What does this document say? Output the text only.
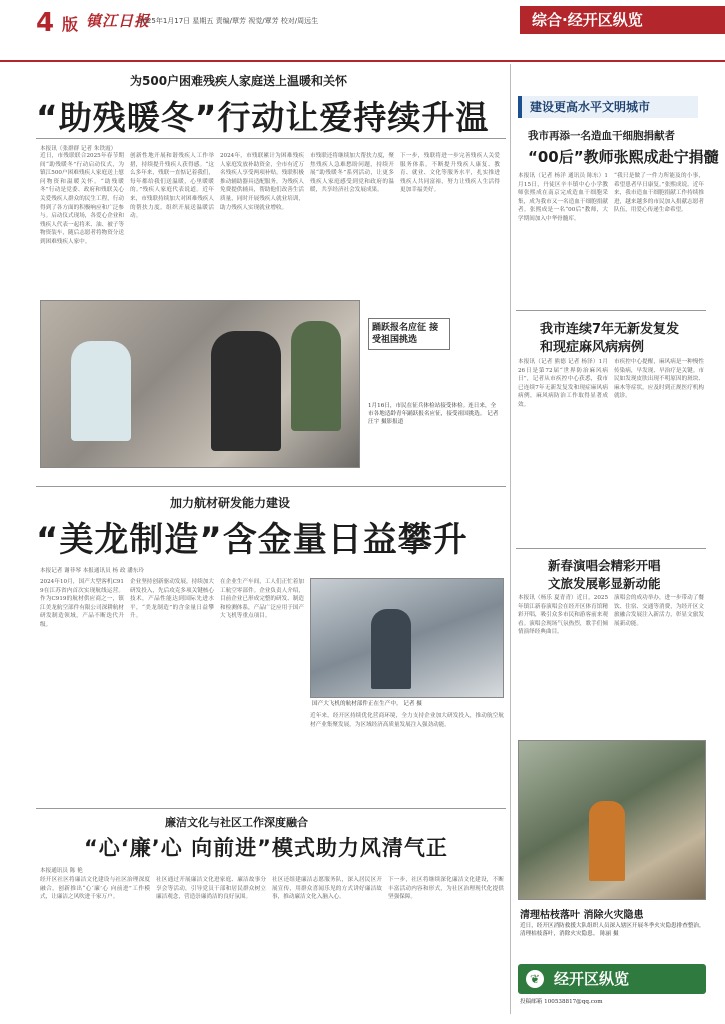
4 版 镇江日报
2025年1月17日 星期五 责编/覃芳 视觉/覃芳 校对/周远生	综合·经开区纵览
为500户困难残疾人家庭送上温暖和关怀
“助残暖冬”行动让爱持续升温
本报讯（张群群 记者 朱铁霞）
近日，市残联联合2025年春节期间“助残暖冬”行动启动仪式，为镇江500户困难残疾人家庭送上慰问物资和温暖关怀。“助残暖冬”行动是党委、政府和残联关心关爱残疾人群众的民生工程，行动得到了各方面的积极响应和广泛参与。启动仪式现场，各爱心企业和残疾人代表一起将米、油、被子等物资装车，随后志愿者将物资分送到困难残疾人家中。
创新性地开展和谐残疾人工作举措，持续提升残疾人获得感。“这么多年来，残联一直惦记着我们，每年都给我们送温暖，心里暖暖的。”残疾人家庭代表说道。近年来，市残联持续加大对困难残疾人的帮扶力度，组织开展送温暖活动。
2024年，市残联累计为困难残疾人家庭发放补助资金，全市有近万名残疾人享受两项补贴。残联积极推动辅助器具适配服务，为残疾人免费提供辅具，帮助他们改善生活质量，同时开展残疾人就业培训，助力残疾人实现就业增收。
市残联还将继续加大帮扶力度，聚焦残疾人急难愁盼问题，持续开展“助残暖冬”系列活动，让更多残疾人家庭感受到党和政府的温暖，共享经济社会发展成果。
下一步，残联将进一步完善残疾人关爱服务体系，不断提升残疾人康复、教育、就业、文化等服务水平，扎实推进残疾人共同富裕，努力让残疾人生活得更加幸福美好。
踊跃报名应征 接受祖国挑选
1月16日，市民在征兵体检站接受体检。连日来，全市各地适龄青年踊跃报名应征，接受祖国挑选。 记者 汪宇 摄影报道
加力航材研发能力建设
“美龙制造”含金量日益攀升
本报记者 谢菲琴 本报通讯员 杨 政 潘东玲
2024年10月，国产大型客机C919在江苏省内首次实现航线运营。作为C919的航材供应商之一，镇江美龙航空部件有限公司深耕航材研发制造领域，产品不断迭代升级。
企业坚持创新驱动发展，持续加大研发投入，先后攻克多项关键核心技术，产品性能达到国际先进水平，“美龙制造”的含金量日益攀升。
在企业生产车间，工人们正忙着加工航空零部件。企业负责人介绍，目前企业已形成完整的研发、制造和检测体系，产品广泛应用于国产大飞机等重点项目。
国产大飞机的航材部件正在生产中。 记者 摄
近年来，经开区持续优化营商环境，全力支持企业加大研发投入，推动航空航材产业集聚发展，为区域经济高质量发展注入强劲动能。
廉洁文化与社区工作深度融合
“心‘廉’心 向前进”模式助力风清气正
本报通讯员 陈 艳
经开区社区将廉洁文化建设与社区治理深度融合，创新推出“心‘廉’心 向前进”工作模式，让廉洁之风吹进千家万户。
社区通过开展廉洁文化进家庭、廉洁故事分享会等活动，引导党员干部和居民群众树立廉洁观念，营造崇廉尚洁的良好氛围。
社区还组建廉洁志愿服务队，深入居民区开展宣传，用群众喜闻乐见的方式讲好廉洁故事，推动廉洁文化入脑入心。
下一步，社区将继续深化廉洁文化建设，不断丰富活动内容和形式，为社区治理现代化提供坚强保障。
建设更高水平文明城市
我市再添一名造血干细胞捐献者
“00后”教师张熙成赴宁捐髓
本报讯（记者 杨洋 通讯员 陈东）1月15日，丹徒区辛丰镇中心小学教师张熙成在南京完成造血干细胞采集，成为我市又一名造血干细胞捐献者。张熙成是一名“00后”教师，大学期间加入中华骨髓库。
“我只是做了一件力所能及的小事，希望患者早日康复。”张熙成说。近年来，我市造血干细胞捐献工作持续推进，越来越多的市民加入捐献志愿者队伍，用爱心传递生命希望。
我市连续7年无新发复发
和现症麻风病病例
本报讯（记者 熊德 记者 杨泽）1月26日是第72届“世界防治麻风病日”，记者从市疾控中心获悉，我市已连续7年无新发复发和现症麻风病病例，麻风病防治工作取得显著成效。
市疾控中心提醒，麻风病是一种慢性传染病，早发现、早治疗是关键。市民如发现皮肤出现不明原因的斑块、麻木等症状，应及时到正规医疗机构就诊。
新春演唱会精彩开唱
文旅发展彰显新动能
本报讯（杨乐 夏青青）近日，2025年镇江新春演唱会在经开区体育馆精彩开唱，吸引众多市民和游客前来观看。演唱会现场气氛热烈，歌手们倾情演绎经典曲目。
演唱会的成功举办，进一步带动了餐饮、住宿、交通等消费，为经开区文旅融合发展注入新活力，彰显文旅发展新动能。
清理枯枝落叶 消除火灾隐患
近日，经开区消防救援大队组织人员深入辖区开展冬季火灾隐患排查整治，清理枯枝落叶，消除火灾隐患。 陈丽 摄
❦ 经开区纵览
投稿邮箱 100538817@qq.com
